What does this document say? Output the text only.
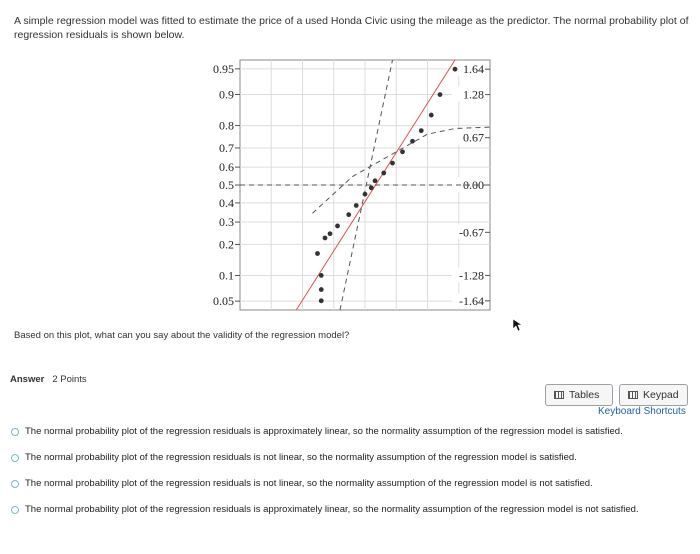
A simple regression model was fitted to estimate the price of a used Honda Civic using the mileage as the predictor. The normal probability plot of regression residuals is shown below.
0.95
0.9
0.8
0.7
0.6
0.5
0.4
0.3
0.2
0.1
0.05
1.64
1.28
0.67
0.00
-0.67
-1.28
-1.64
Based on this plot, what can you say about the validity of the regression model?
Answer 2 Points
Tables	Keypad
Keyboard Shortcuts
The normal probability plot of the regression residuals is approximately linear, so the normality assumption of the regression model is satisfied.
The normal probability plot of the regression residuals is not linear, so the normality assumption of the regression model is satisfied.
The normal probability plot of the regression residuals is not linear, so the normality assumption of the regression model is not satisfied.
The normal probability plot of the regression residuals is approximately linear, so the normality assumption of the regression model is not satisfied.
